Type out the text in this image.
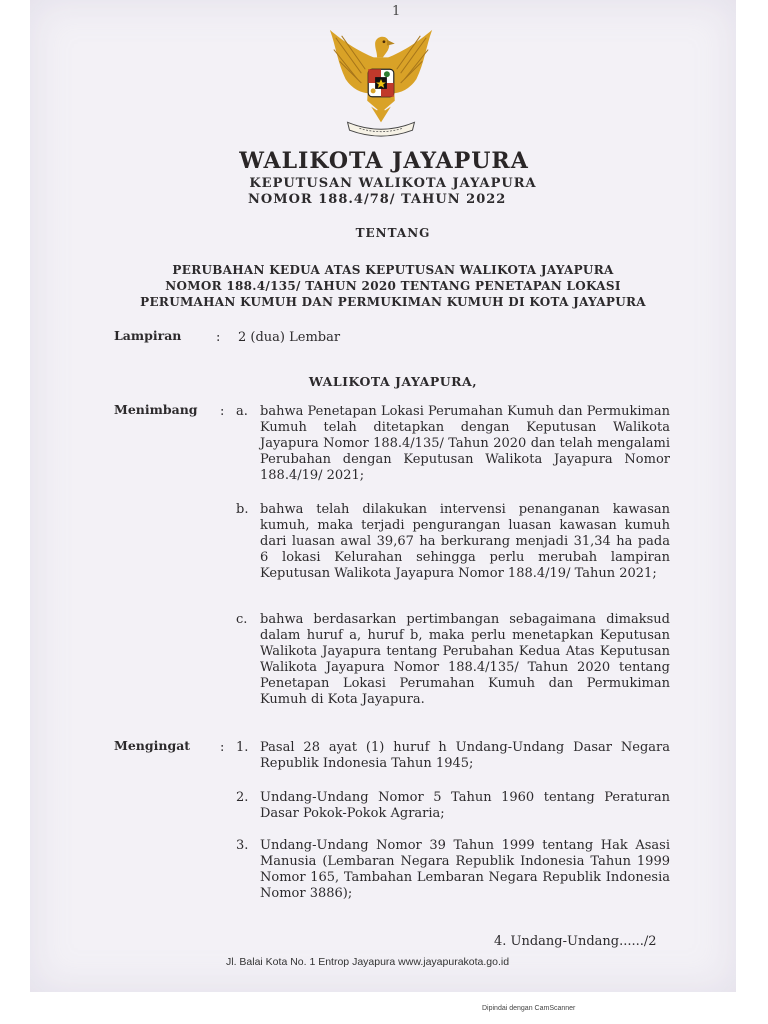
1
WALIKOTA JAYAPURA
KEPUTUSAN WALIKOTA JAYAPURA
NOMOR 188.4/78/ TAHUN 2022
TENTANG
PERUBAHAN KEDUA ATAS KEPUTUSAN WALIKOTA JAYAPURA
NOMOR 188.4/135/ TAHUN 2020 TENTANG PENETAPAN LOKASI
PERUMAHAN KUMUH DAN PERMUKIMAN KUMUH DI KOTA JAYAPURA
Lampiran	: 2 (dua) Lembar
WALIKOTA JAYAPURA,
Menimbang : a. bahwa Penetapan Lokasi Perumahan Kumuh dan Permukiman Kumuh telah ditetapkan dengan Keputusan Walikota Jayapura Nomor 188.4/135/ Tahun 2020 dan telah mengalami Perubahan dengan Keputusan Walikota Jayapura Nomor 188.4/19/ 2021;
b. bahwa telah dilakukan intervensi penanganan kawasan kumuh, maka terjadi pengurangan luasan kawasan kumuh dari luasan awal 39,67 ha berkurang menjadi 31,34 ha pada 6 lokasi Kelurahan sehingga perlu merubah lampiran Keputusan Walikota Jayapura Nomor 188.4/19/ Tahun 2021;
c. bahwa berdasarkan pertimbangan sebagaimana dimaksud dalam huruf a, huruf b, maka perlu menetapkan Keputusan Walikota Jayapura tentang Perubahan Kedua Atas Keputusan Walikota Jayapura Nomor 188.4/135/ Tahun 2020 tentang Penetapan Lokasi Perumahan Kumuh dan Permukiman Kumuh di Kota Jayapura.
Mengingat : 1. Pasal 28 ayat (1) huruf h Undang-Undang Dasar Negara Republik Indonesia Tahun 1945;
2. Undang-Undang Nomor 5 Tahun 1960 tentang Peraturan Dasar Pokok-Pokok Agraria;
3. Undang-Undang Nomor 39 Tahun 1999 tentang Hak Asasi Manusia (Lembaran Negara Republik Indonesia Tahun 1999 Nomor 165, Tambahan Lembaran Negara Republik Indonesia Nomor 3886);
4. Undang-Undang....../2
Jl. Balai Kota No. 1 Entrop Jayapura www.jayapurakota.go.id
Dipindai dengan CamScanner
